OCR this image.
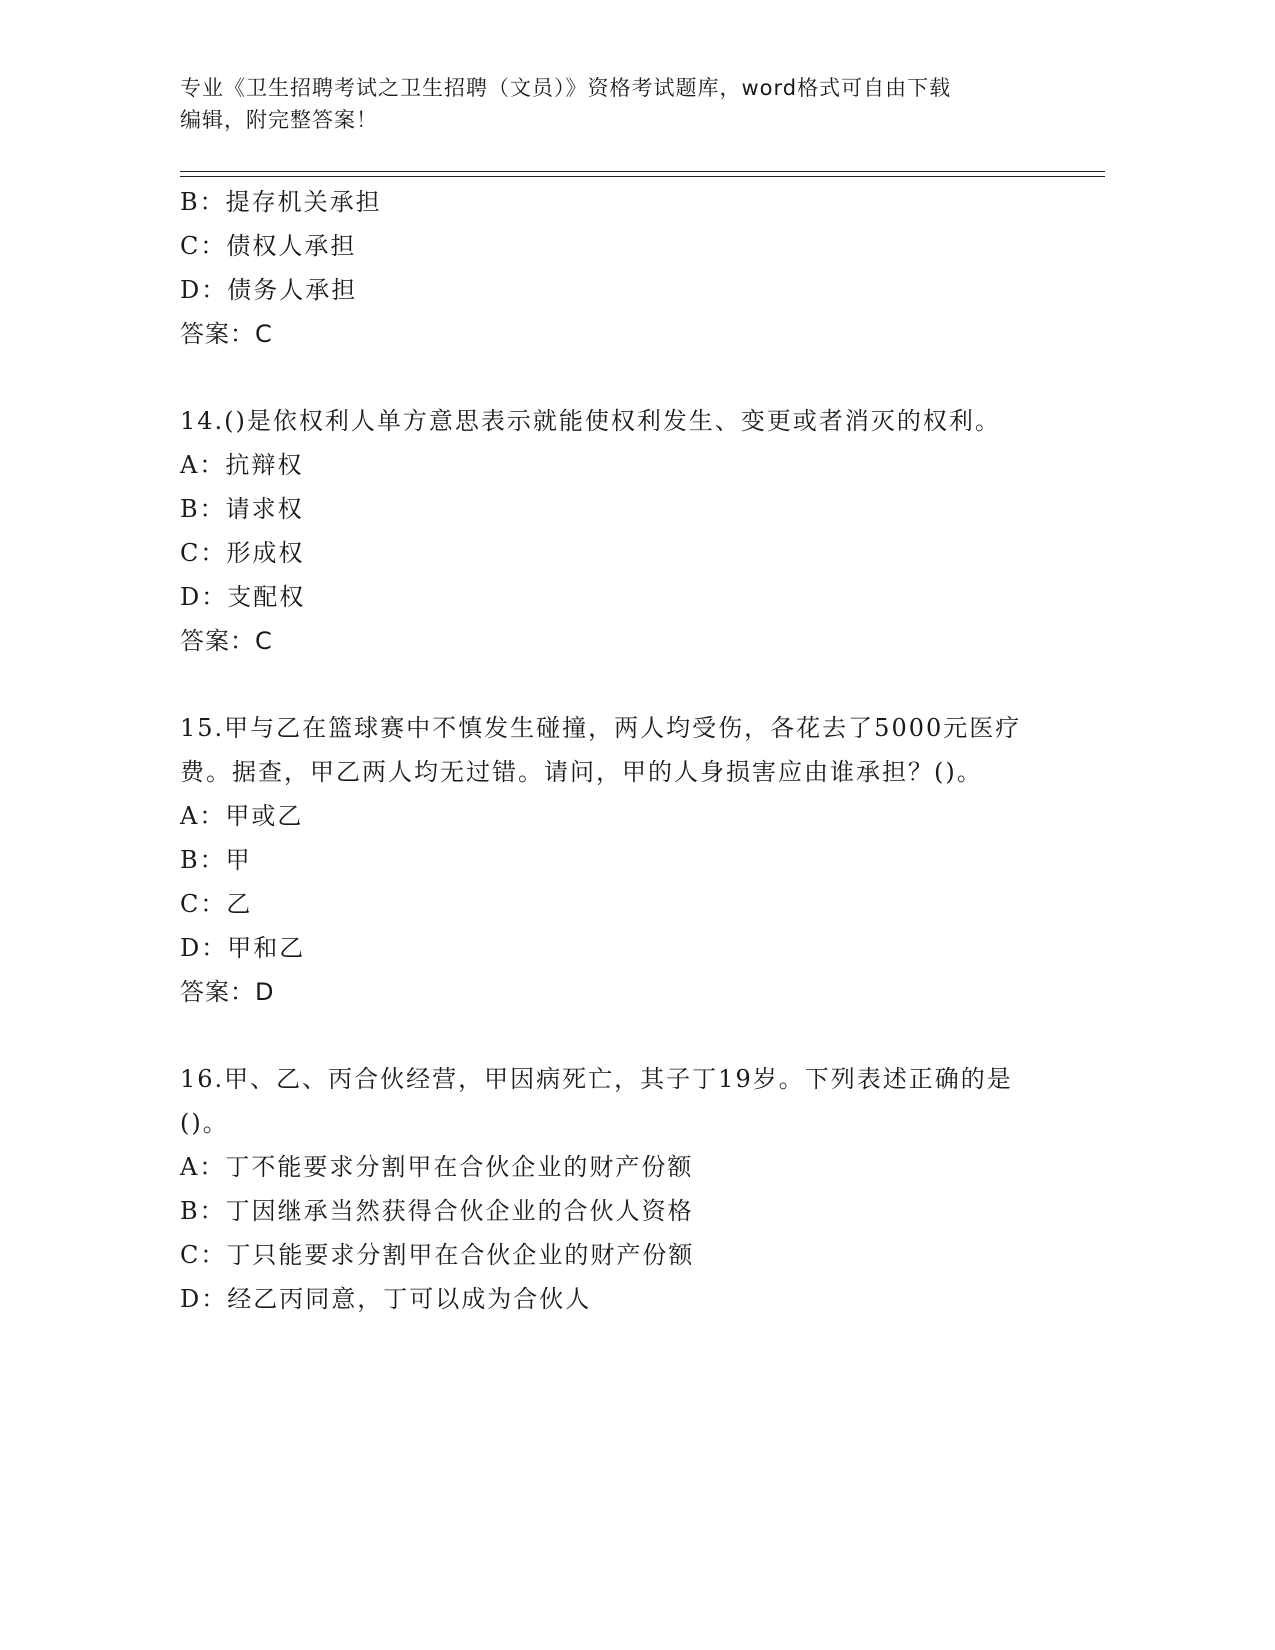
专业《卫生招聘考试之卫生招聘（文员）》资格考试题库，word格式可自由下载
编辑，附完整答案！
B：提存机关承担
C：债权人承担
D：债务人承担
答案：C
14.()是依权利人单方意思表示就能使权利发生、变更或者消灭的权利。
A：抗辩权
B：请求权
C：形成权
D：支配权
答案：C
15.甲与乙在篮球赛中不慎发生碰撞，两人均受伤，各花去了5000元医疗费。据查，甲乙两人均无过错。请问，甲的人身损害应由谁承担？()。
A：甲或乙
B：甲
C：乙
D：甲和乙
答案：D
16.甲、乙、丙合伙经营，甲因病死亡，其子丁19岁。下列表述正确的是()。
A：丁不能要求分割甲在合伙企业的财产份额
B：丁因继承当然获得合伙企业的合伙人资格
C：丁只能要求分割甲在合伙企业的财产份额
D：经乙丙同意，丁可以成为合伙人
